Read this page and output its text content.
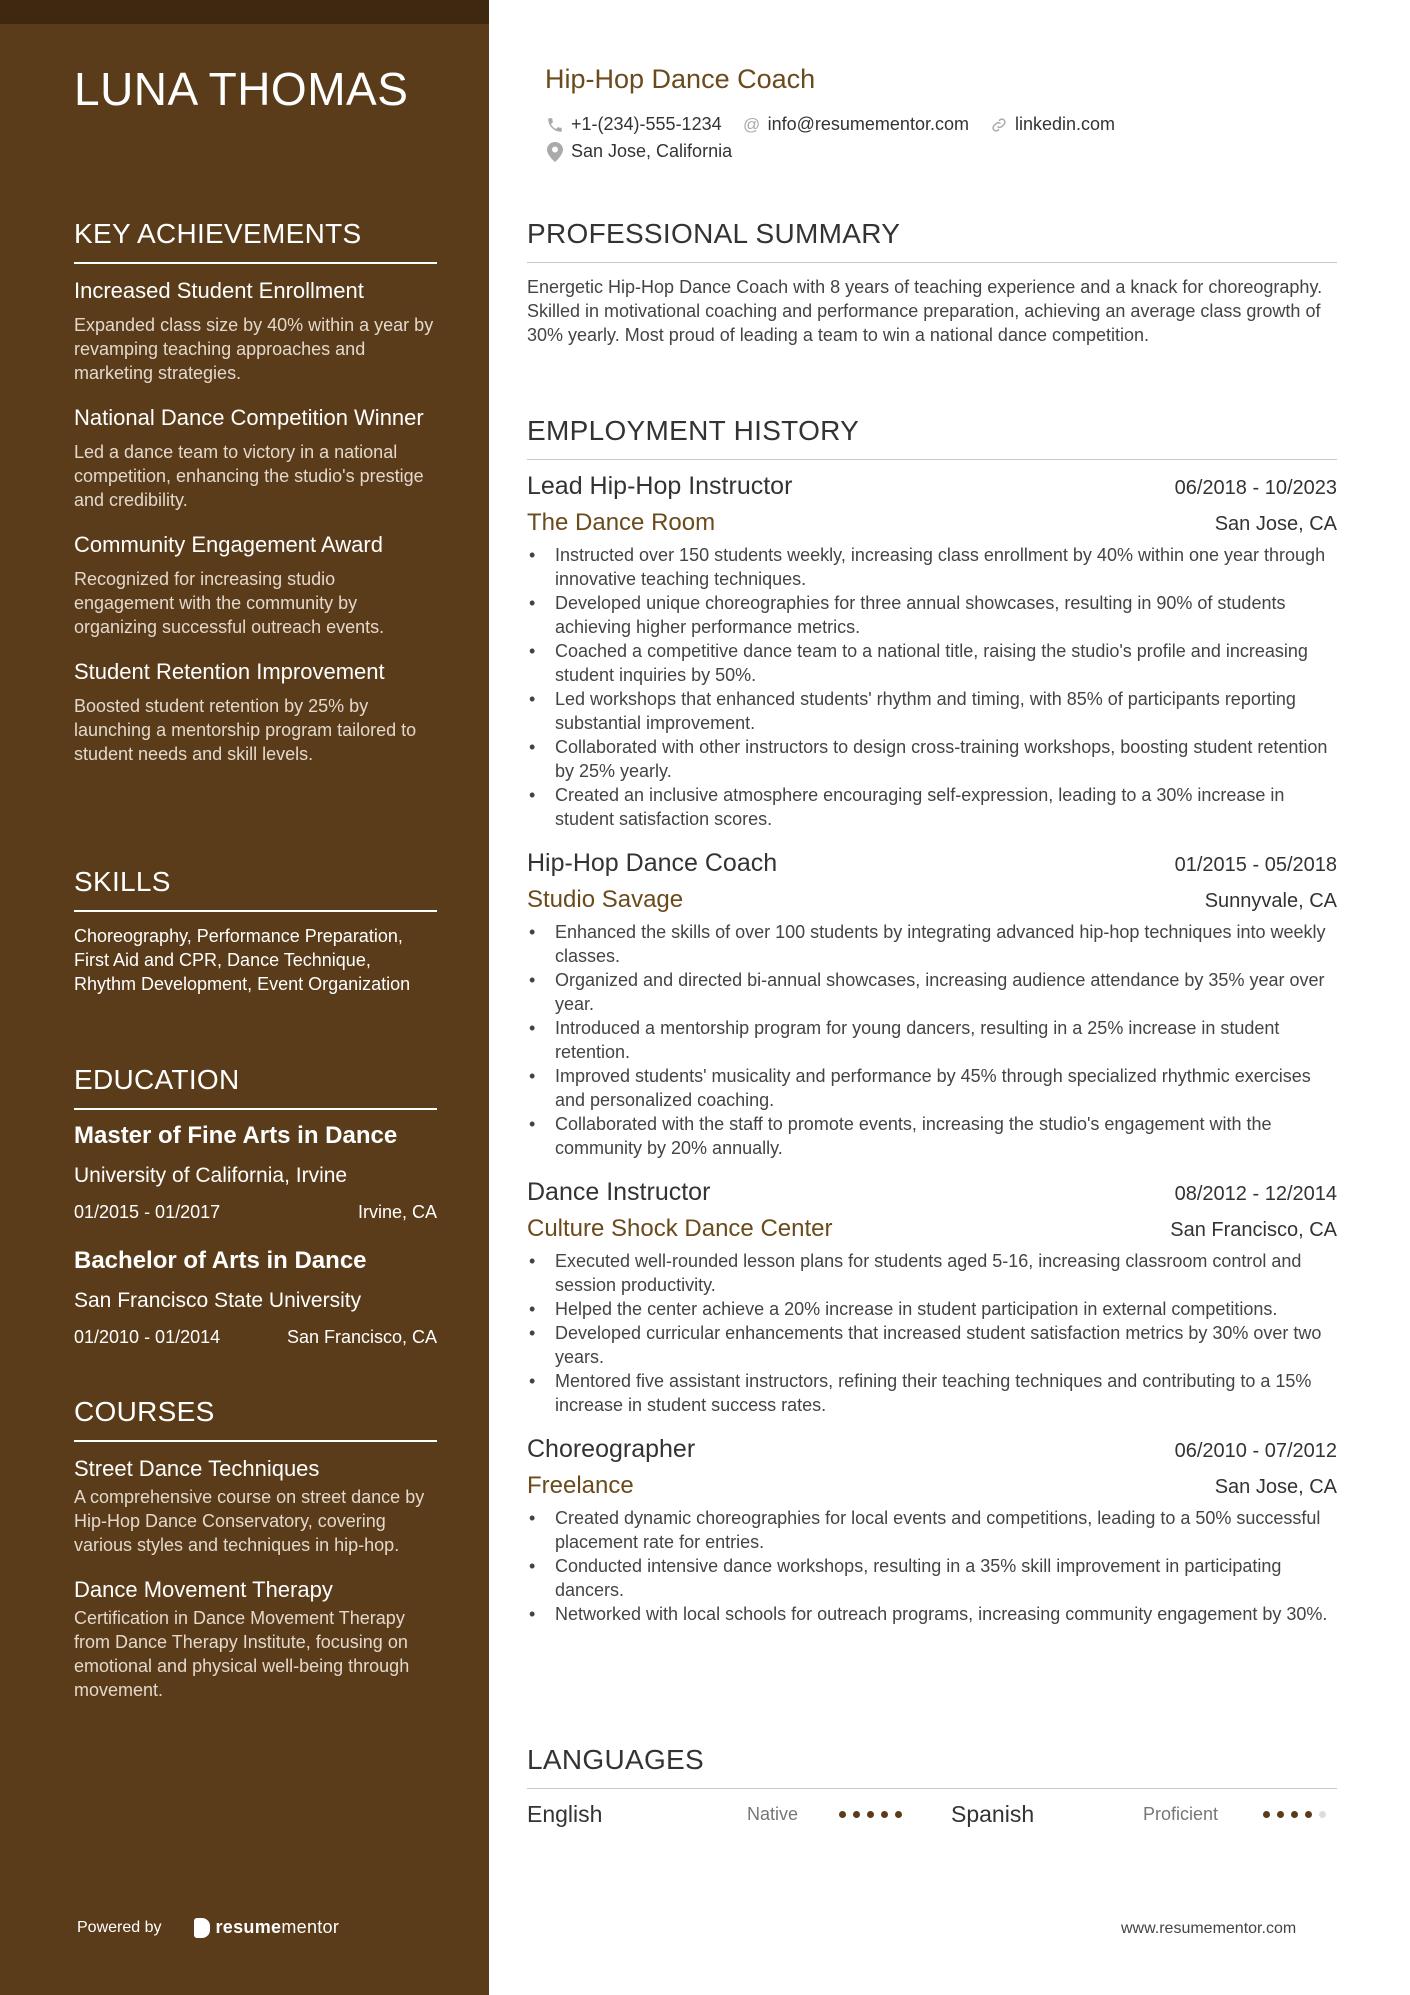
LUNA THOMAS
KEY ACHIEVEMENTS
Increased Student Enrollment
Expanded class size by 40% within a year by revamping teaching approaches and marketing strategies.
National Dance Competition Winner
Led a dance team to victory in a national competition, enhancing the studio's prestige and credibility.
Community Engagement Award
Recognized for increasing studio engagement with the community by organizing successful outreach events.
Student Retention Improvement
Boosted student retention by 25% by launching a mentorship program tailored to student needs and skill levels.
SKILLS
Choreography, Performance Preparation, First Aid and CPR, Dance Technique, Rhythm Development, Event Organization
EDUCATION
Master of Fine Arts in Dance
University of California, Irvine
01/2015 - 01/2017	Irvine, CA
Bachelor of Arts in Dance
San Francisco State University
01/2010 - 01/2014	San Francisco, CA
COURSES
Street Dance Techniques
A comprehensive course on street dance by Hip-Hop Dance Conservatory, covering various styles and techniques in hip-hop.
Dance Movement Therapy
Certification in Dance Movement Therapy from Dance Therapy Institute, focusing on emotional and physical well-being through movement.
Powered by	resume mentor
Hip-Hop Dance Coach
+1-(234)-555-1234 @ info@resumementor.com	linkedin.com
San Jose, California
PROFESSIONAL SUMMARY

Energetic Hip-Hop Dance Coach with 8 years of teaching experience and a knack for choreography. Skilled in motivational coaching and performance preparation, achieving an average class growth of 30% yearly. Most proud of leading a team to win a national dance competition.

EMPLOYMENT HISTORY
Lead Hip-Hop Instructor	06/2018 - 10/2023
The Dance Room	San Jose, CA
• Instructed over 150 students weekly, increasing class enrollment by 40% within one year through innovative teaching techniques.
• Developed unique choreographies for three annual showcases, resulting in 90% of students achieving higher performance metrics.
• Coached a competitive dance team to a national title, raising the studio's profile and increasing student inquiries by 50%.
• Led workshops that enhanced students' rhythm and timing, with 85% of participants reporting substantial improvement.
• Collaborated with other instructors to design cross-training workshops, boosting student retention by 25% yearly.
• Created an inclusive atmosphere encouraging self-expression, leading to a 30% increase in student satisfaction scores.
Hip-Hop Dance Coach	01/2015 - 05/2018
Studio Savage	Sunnyvale, CA
• Enhanced the skills of over 100 students by integrating advanced hip-hop techniques into weekly classes.
• Organized and directed bi-annual showcases, increasing audience attendance by 35% year over year.
• Introduced a mentorship program for young dancers, resulting in a 25% increase in student retention.
• Improved students' musicality and performance by 45% through specialized rhythmic exercises and personalized coaching.
• Collaborated with the staff to promote events, increasing the studio's engagement with the community by 20% annually.
Dance Instructor	08/2012 - 12/2014
Culture Shock Dance Center	San Francisco, CA
• Executed well-rounded lesson plans for students aged 5-16, increasing classroom control and session productivity.
• Helped the center achieve a 20% increase in student participation in external competitions.
• Developed curricular enhancements that increased student satisfaction metrics by 30% over two years.
• Mentored five assistant instructors, refining their teaching techniques and contributing to a 15% increase in student success rates.
Choreographer	06/2010 - 07/2012
Freelance	San Jose, CA
• Created dynamic choreographies for local events and competitions, leading to a 50% successful placement rate for entries.
• Conducted intensive dance workshops, resulting in a 35% skill improvement in participating dancers.
• Networked with local schools for outreach programs, increasing community engagement by 30%.
LANGUAGES
English	Native	Spanish	Proficient
www.resumementor.com
